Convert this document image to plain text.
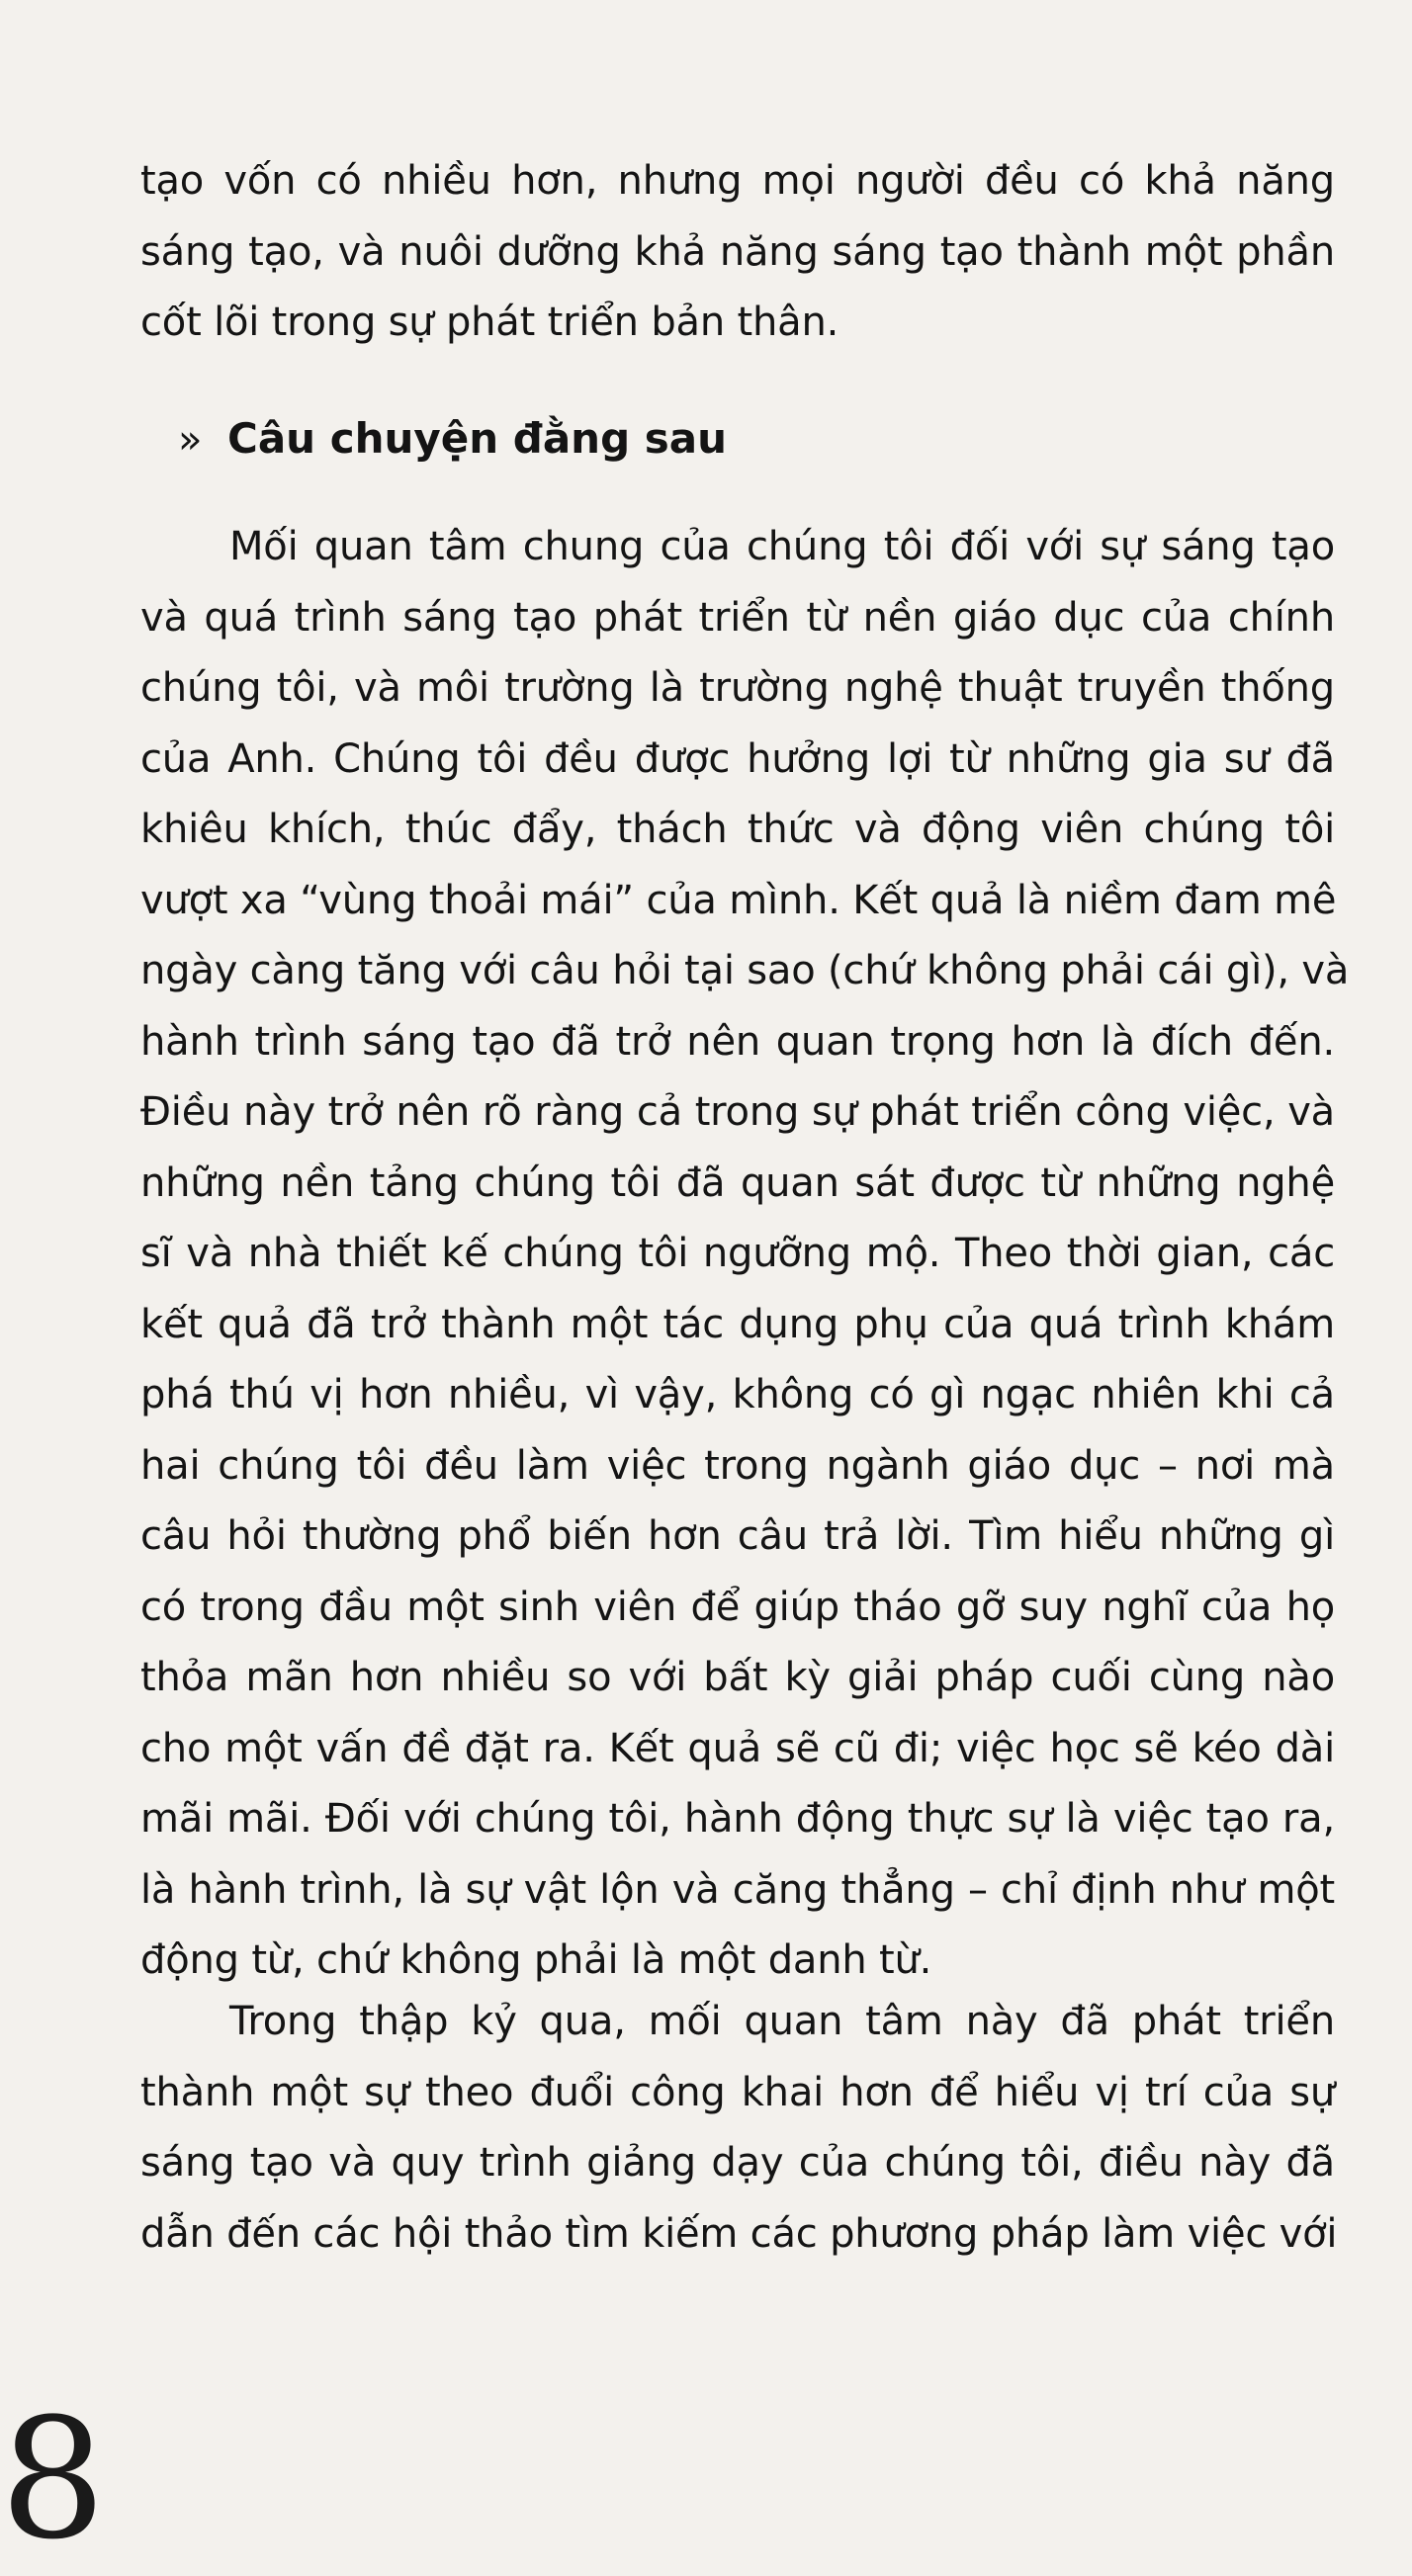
tạo vốn có nhiều hơn, nhưng mọi người đều có khả năng
sáng tạo, và nuôi dưỡng khả năng sáng tạo thành một phần
cốt lõi trong sự phát triển bản thân.
» Câu chuyện đằng sau
Mối quan tâm chung của chúng tôi đối với sự sáng tạo
và quá trình sáng tạo phát triển từ nền giáo dục của chính
chúng tôi, và môi trường là trường nghệ thuật truyền thống
của Anh. Chúng tôi đều được hưởng lợi từ những gia sư đã
khiêu khích, thúc đẩy, thách thức và động viên chúng tôi
vượt xa “vùng thoải mái” của mình. Kết quả là niềm đam mê
ngày càng tăng với câu hỏi tại sao (chứ không phải cái gì), và
hành trình sáng tạo đã trở nên quan trọng hơn là đích đến.
Điều này trở nên rõ ràng cả trong sự phát triển công việc, và
những nền tảng chúng tôi đã quan sát được từ những nghệ
sĩ và nhà thiết kế chúng tôi ngưỡng mộ. Theo thời gian, các
kết quả đã trở thành một tác dụng phụ của quá trình khám
phá thú vị hơn nhiều, vì vậy, không có gì ngạc nhiên khi cả
hai chúng tôi đều làm việc trong ngành giáo dục – nơi mà
câu hỏi thường phổ biến hơn câu trả lời. Tìm hiểu những gì
có trong đầu một sinh viên để giúp tháo gỡ suy nghĩ của họ
thỏa mãn hơn nhiều so với bất kỳ giải pháp cuối cùng nào
cho một vấn đề đặt ra. Kết quả sẽ cũ đi; việc học sẽ kéo dài
mãi mãi. Đối với chúng tôi, hành động thực sự là việc tạo ra,
là hành trình, là sự vật lộn và căng thẳng – chỉ định như một
động từ, chứ không phải là một danh từ.
Trong thập kỷ qua, mối quan tâm này đã phát triển
thành một sự theo đuổi công khai hơn để hiểu vị trí của sự
sáng tạo và quy trình giảng dạy của chúng tôi, điều này đã
dẫn đến các hội thảo tìm kiếm các phương pháp làm việc với
8
